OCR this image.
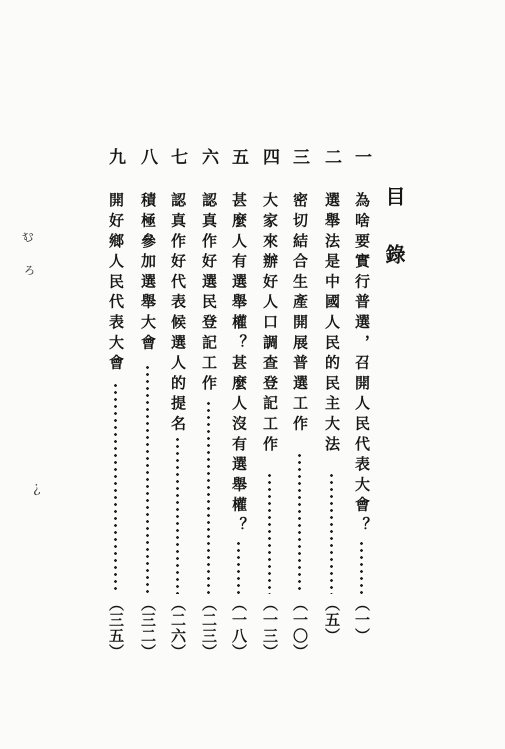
目錄
一
為啥要實行普選，召開人民代表大會？
（一）
二
選舉法是中國人民的民主大法
（五）
三
密切結合生產開展普選工作
（一〇）
四
大家來辦好人口調查登記工作
（一三）
五
甚麼人有選舉權？甚麼人沒有選舉權？
（一八）
六
認真作好選民登記工作
（二三）
七
認真作好代表候選人的提名
（二六）
八
積極參加選舉大會
（三二）
九
開好鄉人民代表大會
（三五）
む
ろ
？
